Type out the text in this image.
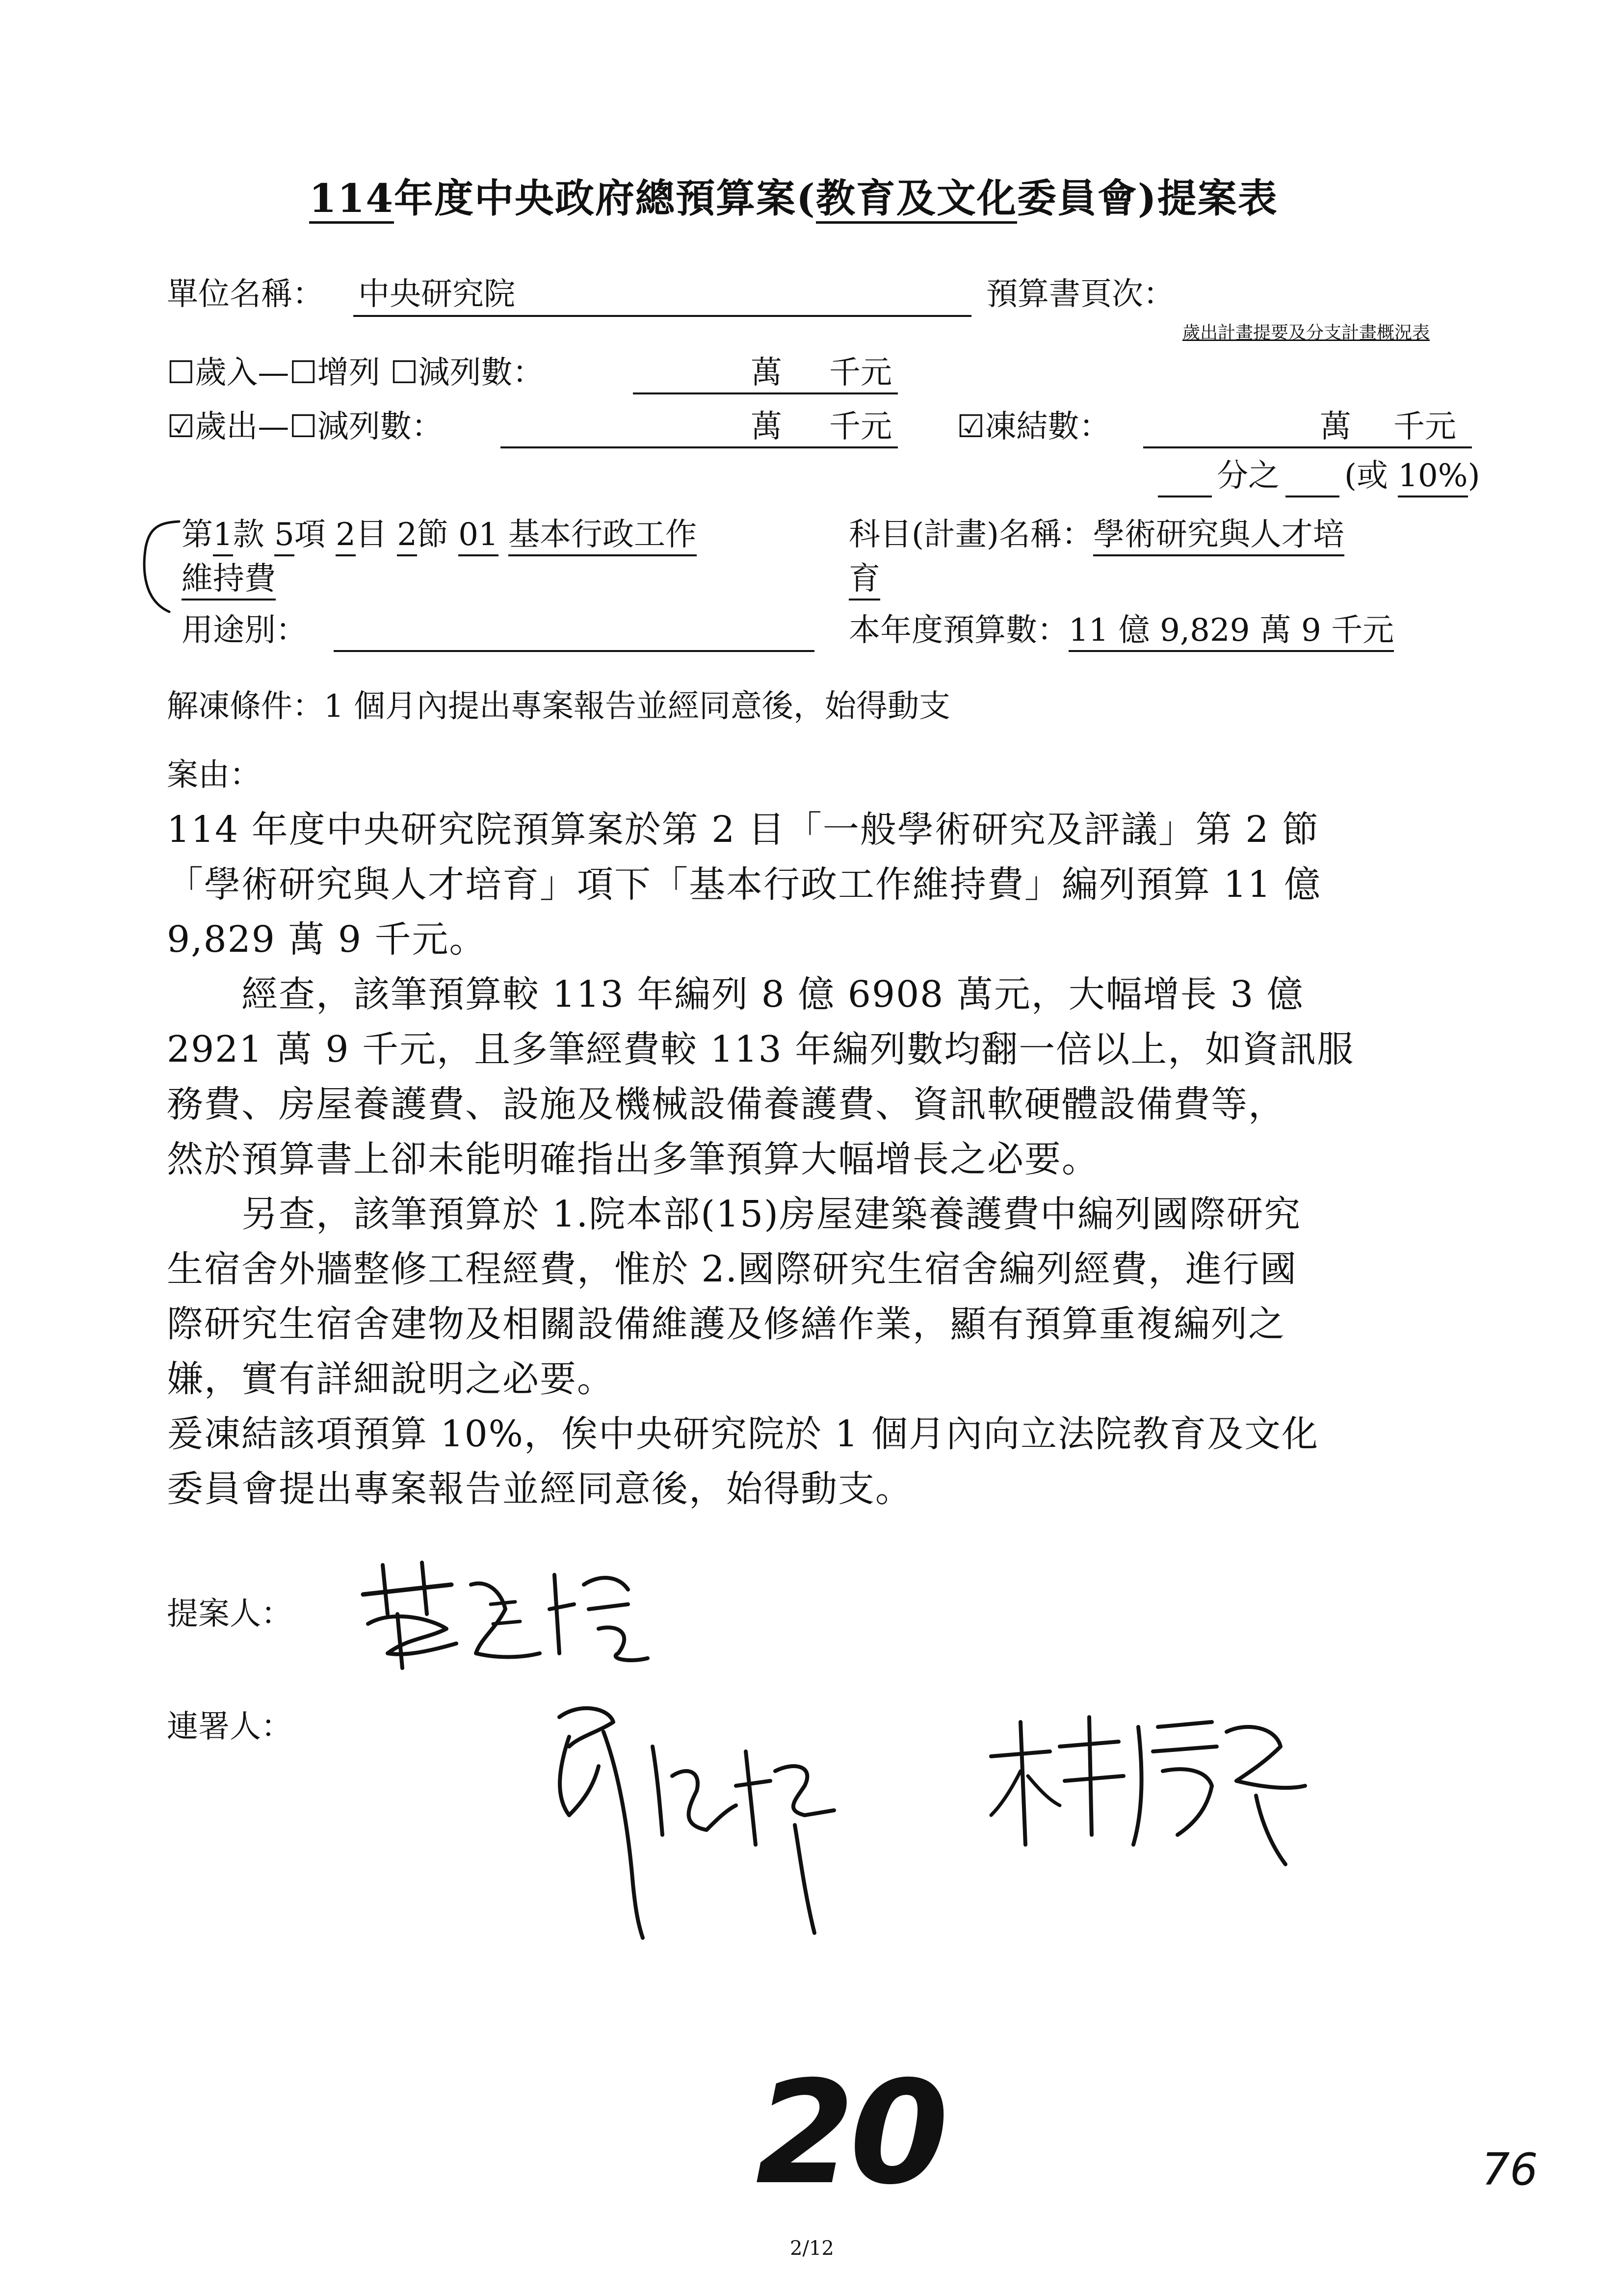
114年度中央政府總預算案(教育及文化委員會)提案表
單位名稱： 中央研究院	預算書頁次：
歲出計畫提要及分支計畫概況表
☐歲入—☐增列 ☐減列數：	萬 千元
☑歲出—☐減列數：	萬 千元 ☑凍結數：	萬 千元
分之 (或 10%)
第1款 5項 2目 2節 01 基本行政工作
維持費
科目(計畫)名稱：學術研究與人才培
育
用途別：	本年度預算數：11 億 9,829 萬 9 千元
解凍條件：1 個月內提出專案報告並經同意後，始得動支
案由：

114 年度中央研究院預算案於第 2 目「一般學術研究及評議」第 2 節

「學術研究與人才培育」項下「基本行政工作維持費」編列預算 11 億

9,829 萬 9 千元。

　　經查，該筆預算較 113 年編列 8 億 6908 萬元，大幅增長 3 億

2921 萬 9 千元，且多筆經費較 113 年編列數均翻一倍以上，如資訊服

務費、房屋養護費、設施及機械設備養護費、資訊軟硬體設備費等，

然於預算書上卻未能明確指出多筆預算大幅增長之必要。

　　另查，該筆預算於 1.院本部(15)房屋建築養護費中編列國際研究

生宿舍外牆整修工程經費，惟於 2.國際研究生宿舍編列經費，進行國

際研究生宿舍建物及相關設備維護及修繕作業，顯有預算重複編列之

嫌，實有詳細說明之必要。

爰凍結該項預算 10%，俟中央研究院於 1 個月內向立法院教育及文化

委員會提出專案報告並經同意後，始得動支。

提案人：
連署人：
20	76
2/12
